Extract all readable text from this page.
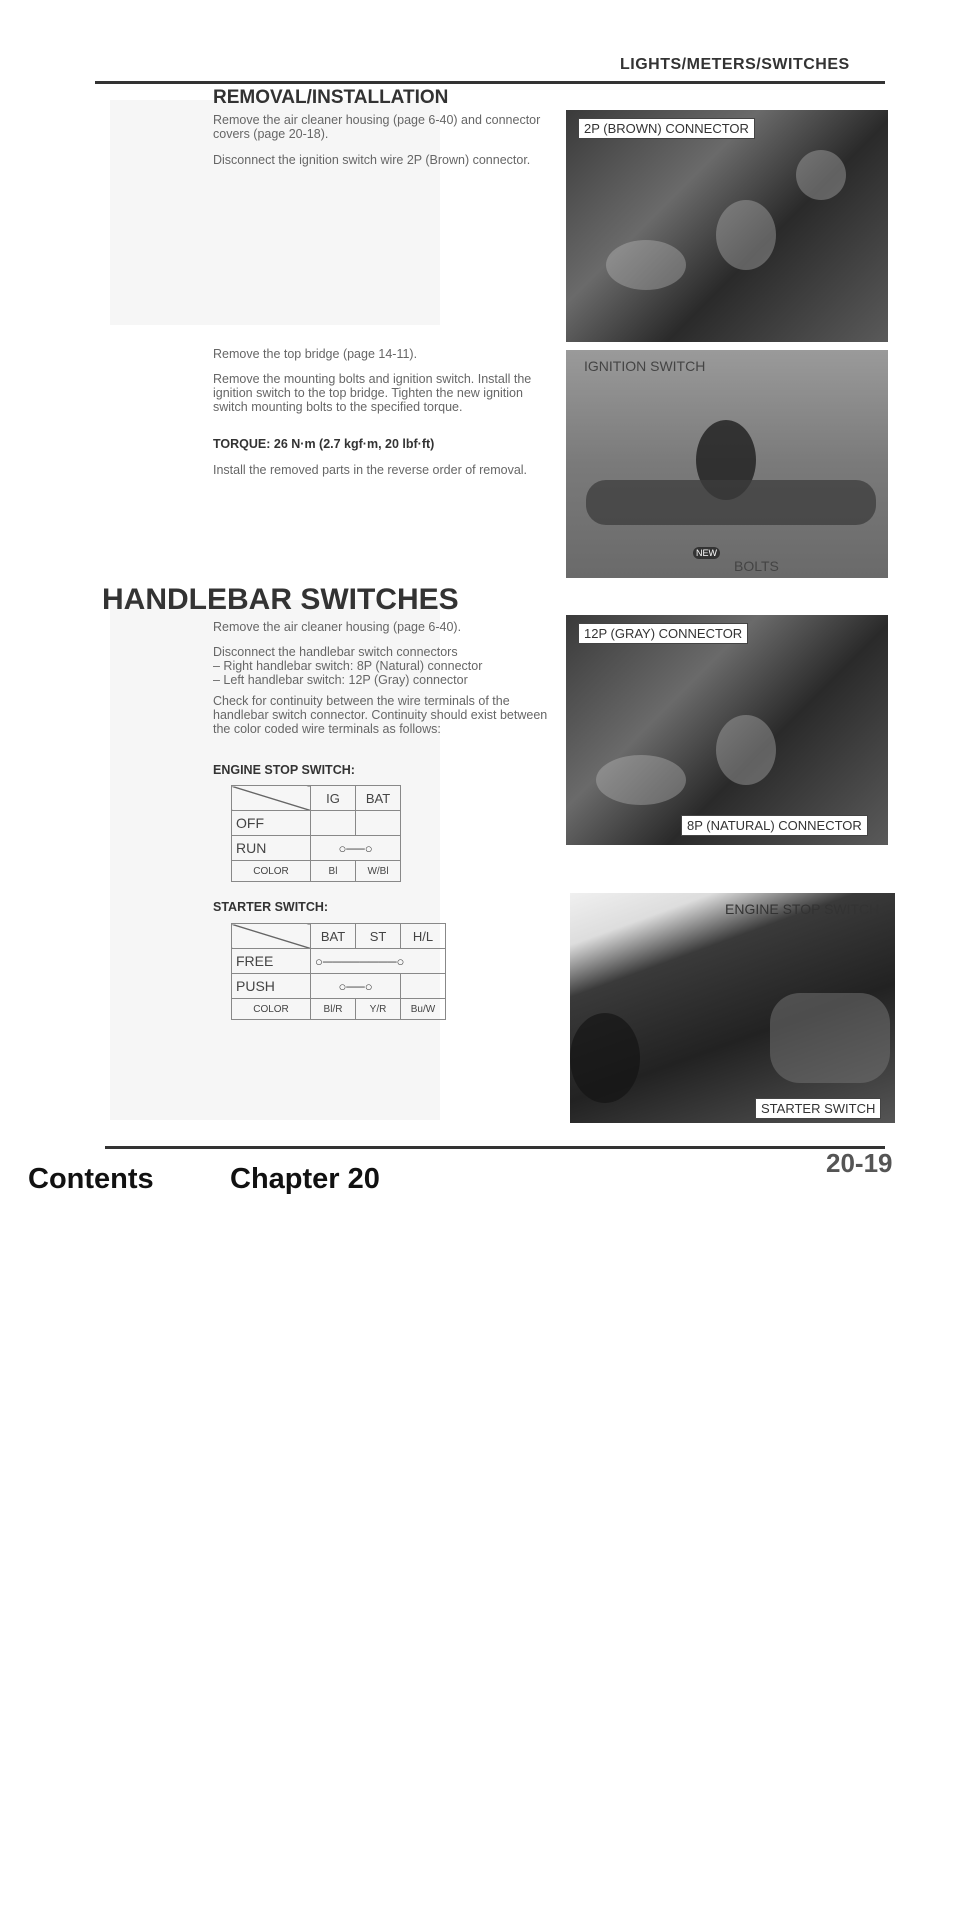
LIGHTS/METERS/SWITCHES
REMOVAL/INSTALLATION
Remove the air cleaner housing (page 6-40) and connector covers (page 20-18).
Disconnect the ignition switch wire 2P (Brown) connector.
Remove the top bridge (page 14-11).
Remove the mounting bolts and ignition switch. Install the ignition switch to the top bridge. Tighten the new ignition switch mounting bolts to the specified torque.
TORQUE: 26 N·m (2.7 kgf·m, 20 lbf·ft)
Install the removed parts in the reverse order of removal.
2P (BROWN) CONNECTOR
IGNITION SWITCH
NEW
BOLTS
HANDLEBAR SWITCHES
Remove the air cleaner housing (page 6-40).
Disconnect the handlebar switch connectors
– Right handlebar switch: 8P (Natural) connector
– Left handlebar switch: 12P (Gray) connector
Check for continuity between the wire terminals of the handlebar switch connector. Continuity should exist between the color coded wire terminals as follows:
ENGINE STOP SWITCH:
	IG	BAT
OFF		
RUN	○──○	
COLOR	Bl	W/Bl
STARTER SWITCH:
	BAT	ST	H/L
FREE	○────────○		
PUSH	○──○		
COLOR	Bl/R	Y/R	Bu/W
12P (GRAY) CONNECTOR
8P (NATURAL) CONNECTOR
ENGINE STOP SWITCH
STARTER SWITCH
20-19
Contents	Chapter 20
